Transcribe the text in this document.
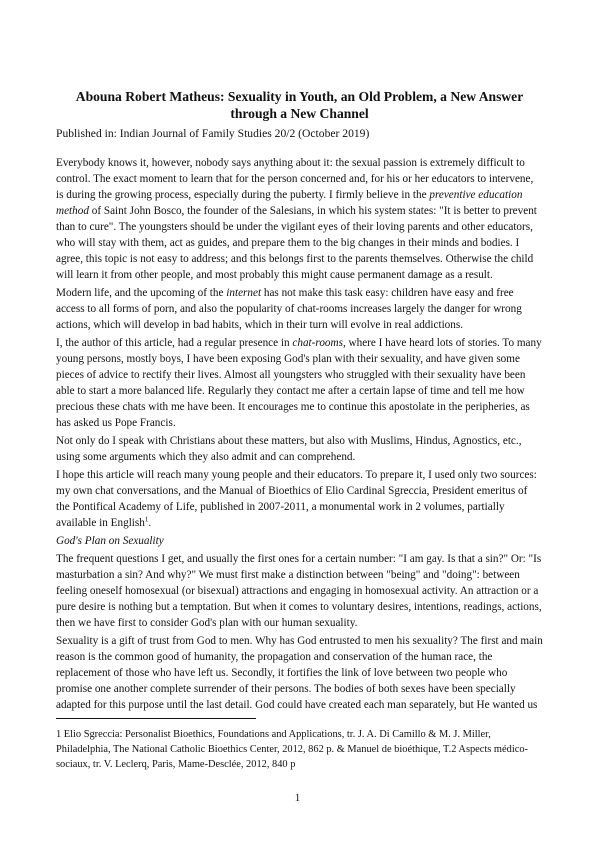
Abouna Robert Matheus: Sexuality in Youth, an Old Problem, a New Answer through a New Channel
Published in: Indian Journal of Family Studies 20/2 (October 2019)

Everybody knows it, however, nobody says anything about it: the sexual passion is extremely difficult to control. The exact moment to learn that for the person concerned and, for his or her educators to intervene, is during the growing process, especially during the puberty. I firmly believe in the preventive education method of Saint John Bosco, the founder of the Salesians, in which his system states: "It is better to prevent than to cure". The youngsters should be under the vigilant eyes of their loving parents and other educators, who will stay with them, act as guides, and prepare them to the big changes in their minds and bodies. I agree, this topic is not easy to address; and this belongs first to the parents themselves. Otherwise the child will learn it from other people, and most probably this might cause permanent damage as a result.

Modern life, and the upcoming of the internet has not make this task easy: children have easy and free access to all forms of porn, and also the popularity of chat-rooms increases largely the danger for wrong actions, which will develop in bad habits, which in their turn will evolve in real addictions.

I, the author of this article, had a regular presence in chat-rooms, where I have heard lots of stories. To many young persons, mostly boys, I have been exposing God's plan with their sexuality, and have given some pieces of advice to rectify their lives. Almost all youngsters who struggled with their sexuality have been able to start a more balanced life. Regularly they contact me after a certain lapse of time and tell me how precious these chats with me have been. It encourages me to continue this apostolate in the peripheries, as has asked us Pope Francis.

Not only do I speak with Christians about these matters, but also with Muslims, Hindus, Agnostics, etc., using some arguments which they also admit and can comprehend.

I hope this article will reach many young people and their educators. To prepare it, I used only two sources: my own chat conversations, and the Manual of Bioethics of Elio Cardinal Sgreccia, President emeritus of the Pontifical Academy of Life, published in 2007-2011, a monumental work in 2 volumes, partially available in English$^1$.

God's Plan on Sexuality

The frequent questions I get, and usually the first ones for a certain number: "I am gay. Is that a sin?" Or: "Is masturbation a sin? And why?" We must first make a distinction between "being" and "doing": between feeling oneself homosexual (or bisexual) attractions and engaging in homosexual activity. An attraction or a pure desire is nothing but a temptation. But when it comes to voluntary desires, intentions, readings, actions, then we have first to consider God's plan with our human sexuality.

Sexuality is a gift of trust from God to men. Why has God entrusted to men his sexuality? The first and main reason is the common good of humanity, the propagation and conservation of the human race, the replacement of those who have left us. Secondly, it fortifies the link of love between two people who promise one another complete surrender of their persons. The bodies of both sexes have been specially adapted for this purpose until the last detail. God could have created each man separately, but He wanted us

1 Elio Sgreccia: Personalist Bioethics, Foundations and Applications, tr. J. A. Di Camillo & M. J. Miller, Philadelphia, The National Catholic Bioethics Center, 2012, 862 p. & Manuel de bioéthique, T.2 Aspects médico-sociaux, tr. V. Leclerq, Paris, Mame-Desclée, 2012, 840 p
1
